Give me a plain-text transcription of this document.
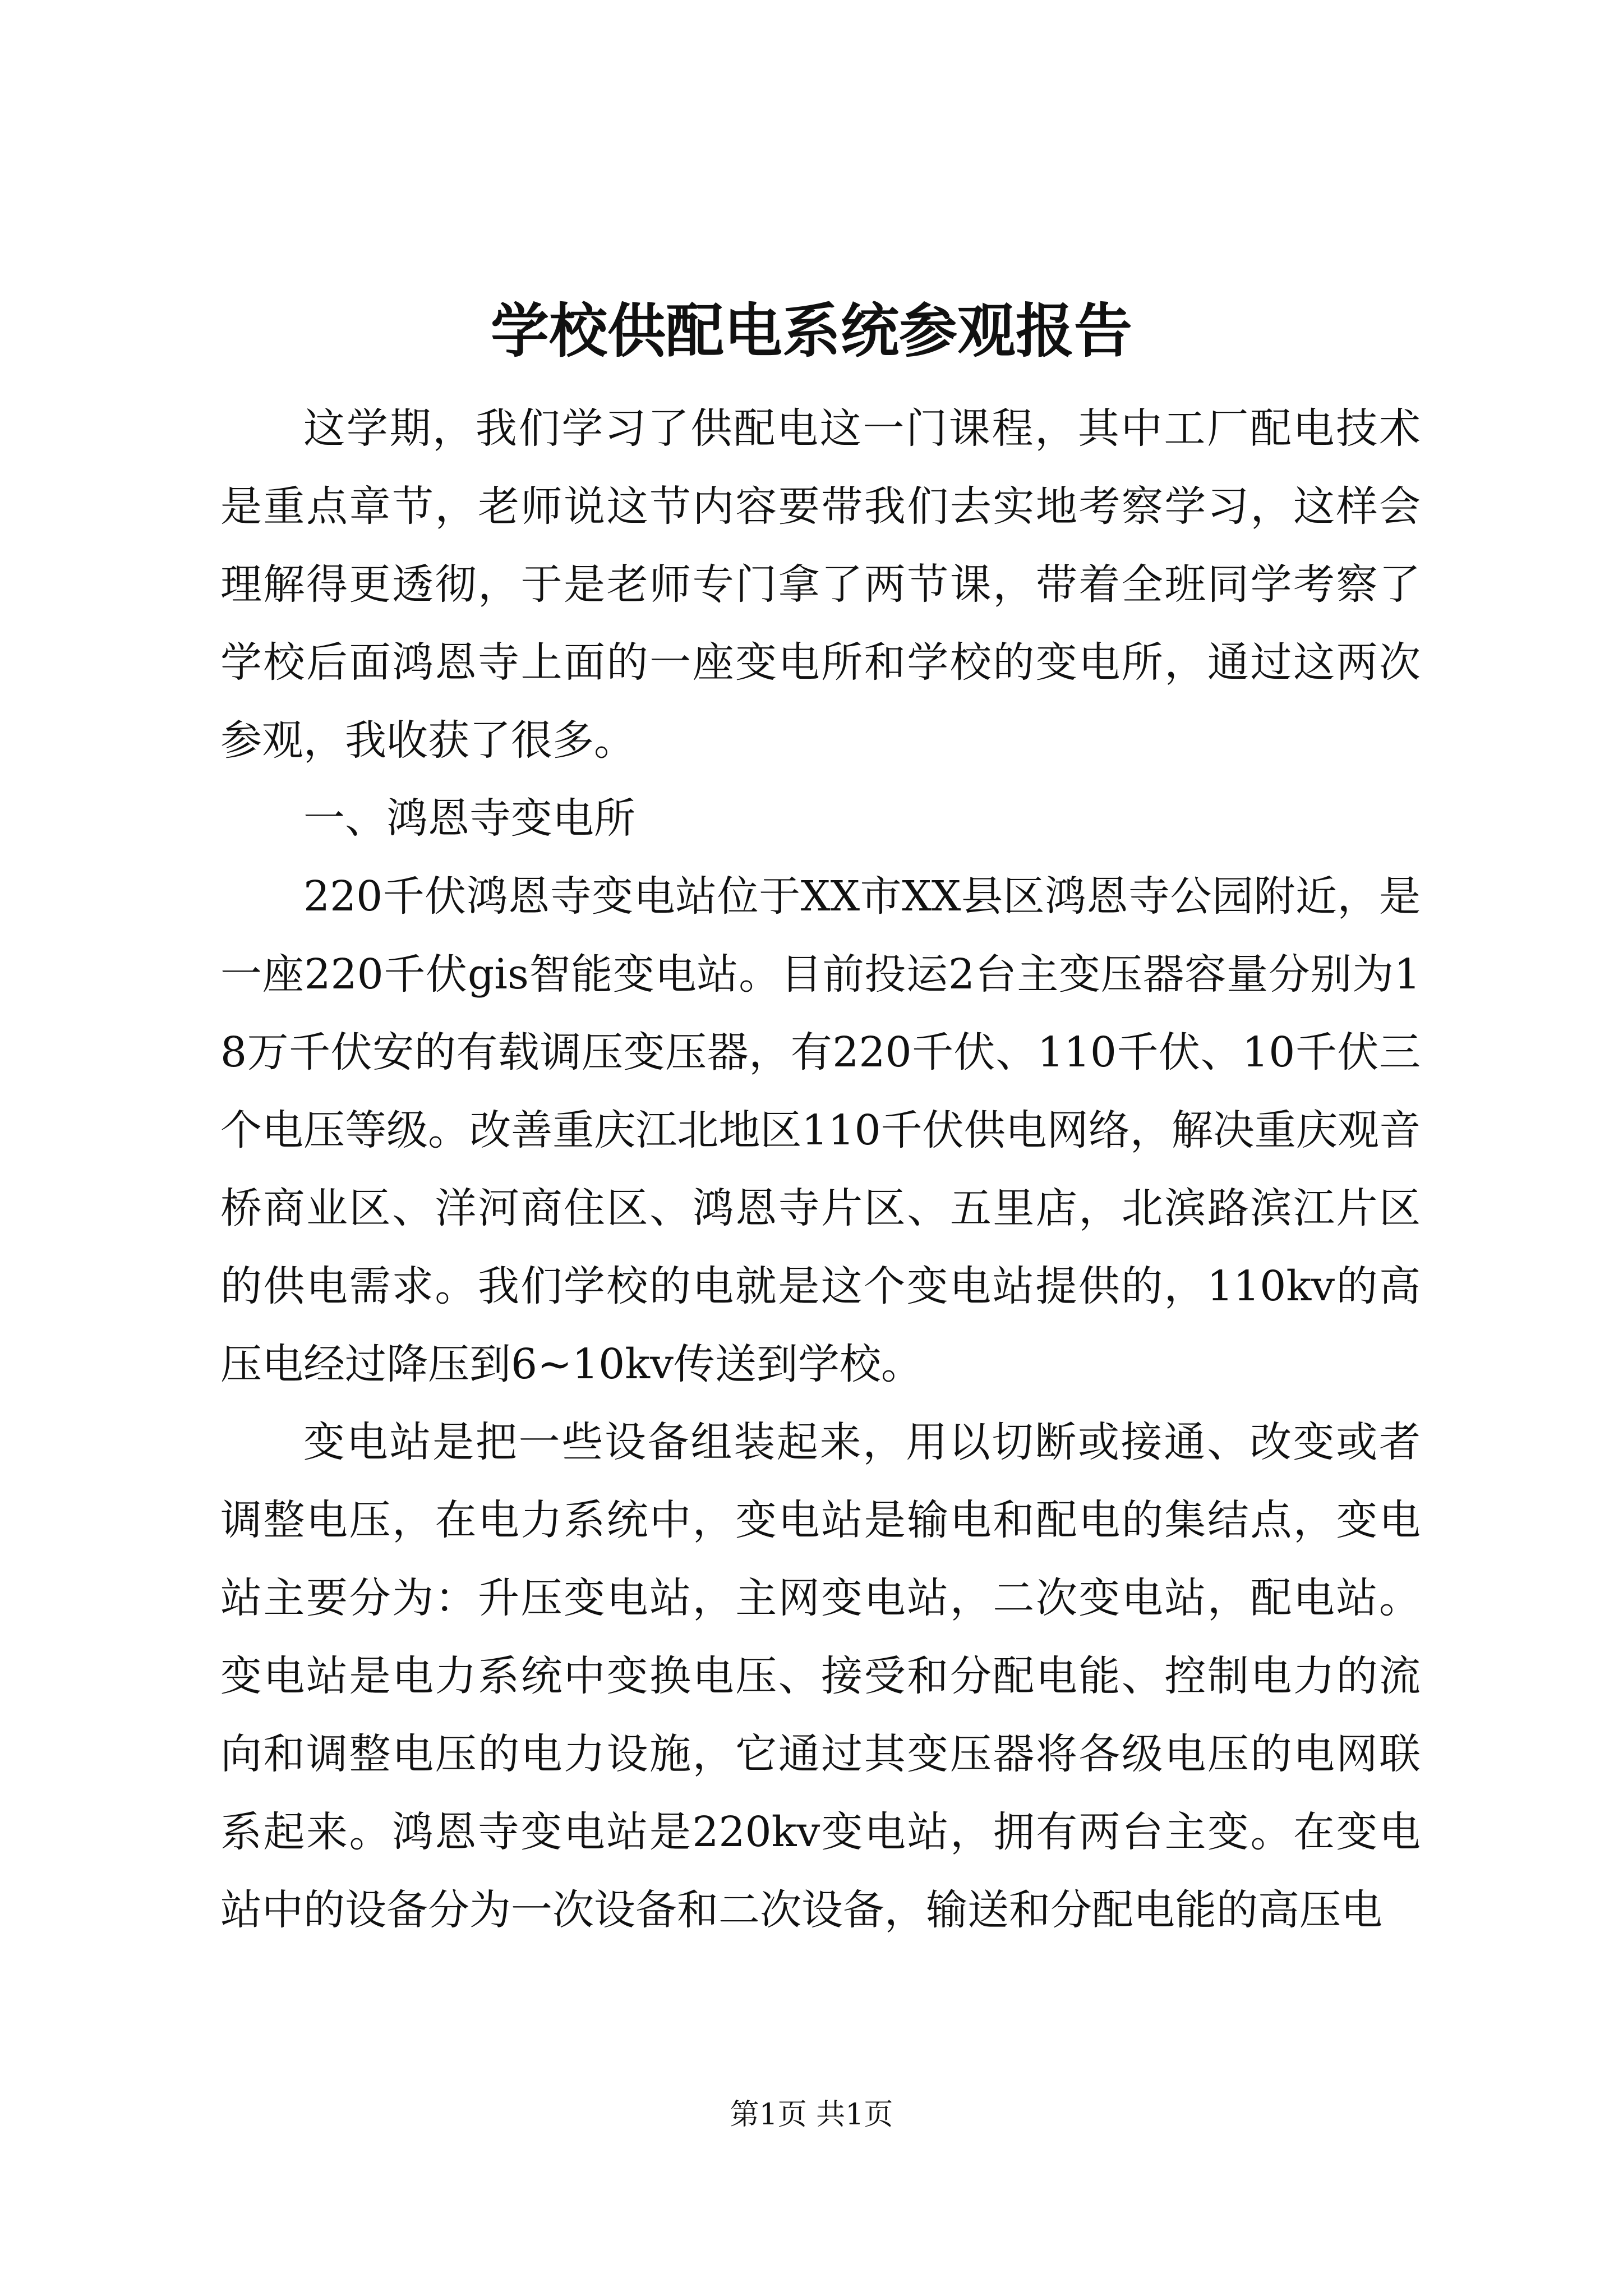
学校供配电系统参观报告

这学期，我们学习了供配电这一门课程，其中工厂配电技术是重点章节，老师说这节内容要带我们去实地考察学习，这样会理解得更透彻，于是老师专门拿了两节课，带着全班同学考察了学校后面鸿恩寺上面的一座变电所和学校的变电所，通过这两次参观，我收获了很多。

一、鸿恩寺变电所

220千伏鸿恩寺变电站位于XX市XX县区鸿恩寺公园附近，是一座220千伏gis智能变电站。目前投运2台主变压器容量分别为18万千伏安的有载调压变压器，有220千伏、110千伏、10千伏三个电压等级。改善重庆江北地区110千伏供电网络，解决重庆观音桥商业区、洋河商住区、鸿恩寺片区、五里店，北滨路滨江片区的供电需求。我们学校的电就是这个变电站提供的，110kv的高压电经过降压到6~10kv传送到学校。

变电站是把一些设备组装起来，用以切断或接通、改变或者调整电压，在电力系统中，变电站是输电和配电的集结点，变电站主要分为：升压变电站，主网变电站，二次变电站，配电站。变电站是电力系统中变换电压、接受和分配电能、控制电力的流向和调整电压的电力设施，它通过其变压器将各级电压的电网联系起来。鸿恩寺变电站是220kv变电站，拥有两台主变。在变电站中的设备分为一次设备和二次设备，输送和分配电能的高压电

第1页 共1页
